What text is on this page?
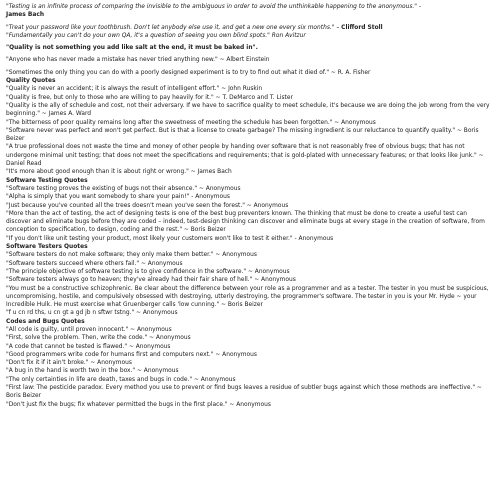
"Testing is an infinite process of comparing the invisible to the ambiguous in order to avoid the unthinkable happening to the anonymous." -
James Bach
"Treat your password like your toothbrush. Don't let anybody else use it, and get a new one every six months." – Clifford Stoll
"Fundamentally you can't do your own QA, it's a question of seeing you own blind spots." Ron Avitzur
"Quality is not something you add like salt at the end, it must be baked in".
"Anyone who has never made a mistake has never tried anything new." ~ Albert Einstein
"Sometimes the only thing you can do with a poorly designed experiment is to try to find out what it died of." ~ R. A. Fisher
Quality Quotes
"Quality is never an accident; it is always the result of intelligent effort." ~ John Ruskin
"Quality is free, but only to those who are willing to pay heavily for it." ~ T. DeMarco and T. Lister
"Quality is the ally of schedule and cost, not their adversary. If we have to sacrifice quality to meet schedule, it's because we are doing the job wrong from the very beginning." ~ James A. Ward
"The bitterness of poor quality remains long after the sweetness of meeting the schedule has been forgotten." ~ Anonymous
"Software never was perfect and won't get perfect. But is that a license to create garbage? The missing ingredient is our reluctance to quantify quality." ~ Boris Beizer
"A true professional does not waste the time and money of other people by handing over software that is not reasonably free of obvious bugs; that has not undergone minimal unit testing; that does not meet the specifications and requirements; that is gold-plated with unnecessary features; or that looks like junk." ~ Daniel Read
"It's more about good enough than it is about right or wrong." ~ James Bach
Software Testing Quotes
"Software testing proves the existing of bugs not their absence." ~ Anonymous
"Alpha is simply that you want somebody to share your pain!" - Anonymous
"Just because you've counted all the trees doesn't mean you've seen the forest." ~ Anonymous
"More than the act of testing, the act of designing tests is one of the best bug preventers known. The thinking that must be done to create a useful test can discover and eliminate bugs before they are coded – indeed, test-design thinking can discover and eliminate bugs at every stage in the creation of software, from conception to specification, to design, coding and the rest." ~ Boris Beizer
"If you don't like unit testing your product, most likely your customers won't like to test it either." - Anonymous
Software Testers Quotes
"Software testers do not make software; they only make them better." ~ Anonymous
"Software testers succeed where others fail." ~ Anonymous
"The principle objective of software testing is to give confidence in the software." ~ Anonymous
"Software testers always go to heaven; they've already had their fair share of hell." ~ Anonymous
"You must be a constructive schizophrenic. Be clear about the difference between your role as a programmer and as a tester. The tester in you must be suspicious, uncompromising, hostile, and compulsively obsessed with destroying, utterly destroying, the programmer's software. The tester in you is your Mr. Hyde ~ your Incredible Hulk. He must exercise what Gruenberger calls 'low cunning." ~ Boris Beizer
"f u cn rd ths, u cn gt a gd jb n sftwr tstng." ~ Anonymous
Codes and Bugs Quotes
"All code is guilty, until proven innocent." ~ Anonymous
"First, solve the problem. Then, write the code." ~ Anonymous
"A code that cannot be tested is flawed." ~ Anonymous
"Good programmers write code for humans first and computers next." ~ Anonymous
"Don't fix it if it ain't broke." ~ Anonymous
"A bug in the hand is worth two in the box." ~ Anonymous
"The only certainties in life are death, taxes and bugs in code." ~ Anonymous
"First law: The pesticide paradox. Every method you use to prevent or find bugs leaves a residue of subtler bugs against which those methods are ineffective." ~ Boris Beizer
"Don't just fix the bugs; fix whatever permitted the bugs in the first place." ~ Anonymous
